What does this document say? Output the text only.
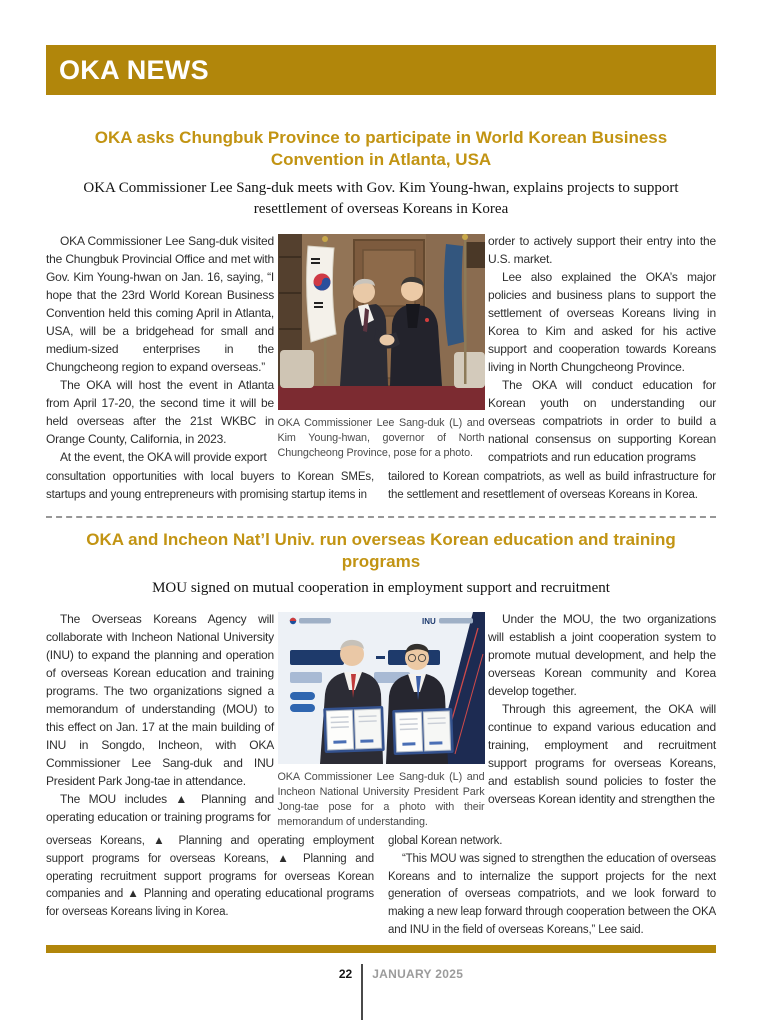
OKA NEWS
OKA asks Chungbuk Province to participate in World Korean Business Convention in Atlanta, USA

OKA Commissioner Lee Sang-duk meets with Gov. Kim Young-hwan, explains projects to support resettlement of overseas Koreans in Korea

OKA Commissioner Lee Sang-duk visited the Chungbuk Provincial Office and met with Gov. Kim Young-hwan on Jan. 16, saying, “I hope that the 23rd World Korean Business Convention held this coming April in Atlanta, USA, will be a bridgehead for small and medium-sized enterprises in the Chungcheong region to expand overseas.”

The OKA will host the event in Atlanta from April 17-20, the second time it will be held overseas after the 21st WKBC in Orange County, California, in 2023.

At the event, the OKA will provide export

OKA Commissioner Lee Sang-duk (L) and Kim Young-hwan, governor of North Chungcheong Province, pose for a photo.

order to actively support their entry into the U.S. market.

Lee also explained the OKA’s major policies and business plans to support the settlement of overseas Koreans living in Korea to Kim and asked for his active support and cooperation towards Koreans living in North Chungcheong Province.

The OKA will conduct education for Korean youth on understanding our overseas compatriots in order to build a national consensus on supporting Korean compatriots and run education programs

consultation opportunities with local buyers to Korean SMEs, startups and young entrepreneurs with promising startup items in

tailored to Korean compatriots, as well as build infrastructure for the settlement and resettlement of overseas Koreans in Korea.

OKA and Incheon Nat’l Univ. run overseas Korean education and training programs

MOU signed on mutual cooperation in employment support and recruitment

The Overseas Koreans Agency will collaborate with Incheon National University (INU) to expand the planning and operation of overseas Korean education and training programs. The two organizations signed a memorandum of understanding (MOU) to this effect on Jan. 17 at the main building of INU in Songdo, Incheon, with OKA Commissioner Lee Sang-duk and INU President Park Jong-tae in attendance.

The MOU includes ▲ Planning and operating education or training programs for

INU
OKA Commissioner Lee Sang-duk (L) and Incheon National University President Park Jong-tae pose for a photo with their memorandum of understanding.

Under the MOU, the two organizations will establish a joint cooperation system to promote mutual development, and help the overseas Korean community and Korea develop together.

Through this agreement, the OKA will continue to expand various education and training, employment and recruitment support programs for overseas Koreans, and establish sound policies to foster the overseas Korean identity and strengthen the

overseas Koreans, ▲ Planning and operating employment support programs for overseas Koreans, ▲ Planning and operating recruitment support programs for overseas Korean companies and ▲ Planning and operating educational programs for overseas Koreans living in Korea.

global Korean network.

“This MOU was signed to strengthen the education of overseas Koreans and to internalize the support projects for the next generation of overseas compatriots, and we look forward to making a new leap forward through cooperation between the OKA and INU in the field of overseas Koreans,” Lee said.

22 JANUARY 2025
